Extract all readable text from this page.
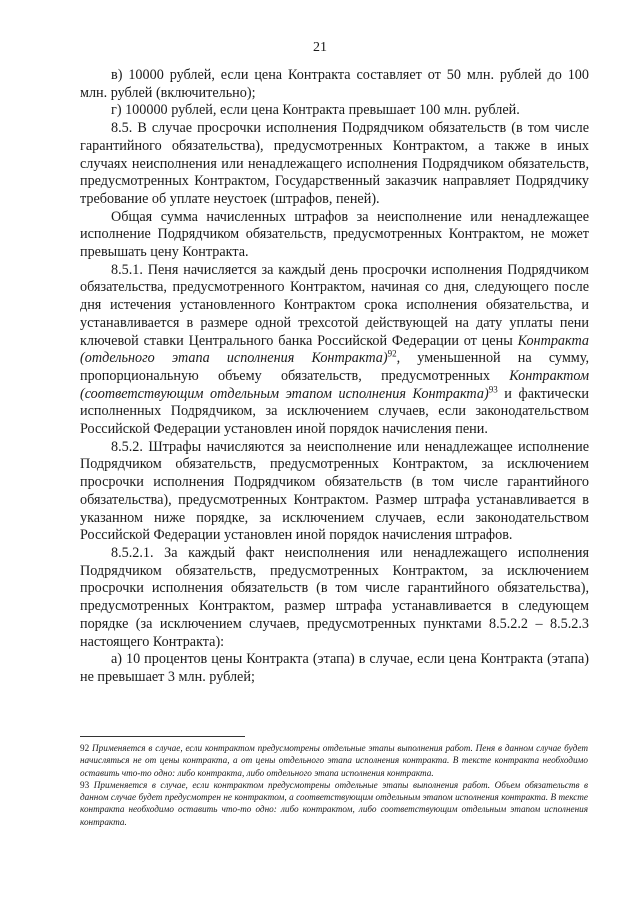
21

в) 10000 рублей, если цена Контракта составляет от 50 млн. рублей до 100 млн. рублей (включительно);

г) 100000 рублей, если цена Контракта превышает 100 млн. рублей.

8.5. В случае просрочки исполнения Подрядчиком обязательств (в том числе гарантийного обязательства), предусмотренных Контрактом, а также в иных случаях неисполнения или ненадлежащего исполнения Подрядчиком обязательств, предусмотренных Контрактом, Государственный заказчик направляет Подрядчику требование об уплате неустоек (штрафов, пеней).

Общая сумма начисленных штрафов за неисполнение или ненадлежащее исполнение Подрядчиком обязательств, предусмотренных Контрактом, не может превышать цену Контракта.

8.5.1. Пеня начисляется за каждый день просрочки исполнения Подрядчиком обязательства, предусмотренного Контрактом, начиная со дня, следующего после дня истечения установленного Контрактом срока исполнения обязательства, и устанавливается в размере одной трехсотой действующей на дату уплаты пени ключевой ставки Центрального банка Российской Федерации от цены Контракта (отдельного этапа исполнения Контракта)$^{92}$, уменьшенной на сумму, пропорциональную объему обязательств, предусмотренных Контрактом (соответствующим отдельным этапом исполнения Контракта)$^{93}$ и фактически исполненных Подрядчиком, за исключением случаев, если законодательством Российской Федерации установлен иной порядок начисления пени.

8.5.2. Штрафы начисляются за неисполнение или ненадлежащее исполнение Подрядчиком обязательств, предусмотренных Контрактом, за исключением просрочки исполнения Подрядчиком обязательств (в том числе гарантийного обязательства), предусмотренных Контрактом. Размер штрафа устанавливается в указанном ниже порядке, за исключением случаев, если законодательством Российской Федерации установлен иной порядок начисления штрафов.

8.5.2.1. За каждый факт неисполнения или ненадлежащего исполнения Подрядчиком обязательств, предусмотренных Контрактом, за исключением просрочки исполнения обязательств (в том числе гарантийного обязательства), предусмотренных Контрактом, размер штрафа устанавливается в следующем порядке (за исключением случаев, предусмотренных пунктами 8.5.2.2 – 8.5.2.3 настоящего Контракта):

а) 10 процентов цены Контракта (этапа) в случае, если цена Контракта (этапа) не превышает 3 млн. рублей;

92 Применяется в случае, если контрактом предусмотрены отдельные этапы выполнения работ. Пеня в данном случае будет начисляться не от цены контракта, а от цены отдельного этапа исполнения контракта. В тексте контракта необходимо оставить что-то одно: либо контракта, либо отдельного этапа исполнения контракта.

93 Применяется в случае, если контрактом предусмотрены отдельные этапы выполнения работ. Объем обязательств в данном случае будет предусмотрен не контрактом, а соответствующим отдельным этапом исполнения контракта. В тексте контракта необходимо оставить что-то одно: либо контрактом, либо соответствующим отдельным этапом исполнения контракта.
